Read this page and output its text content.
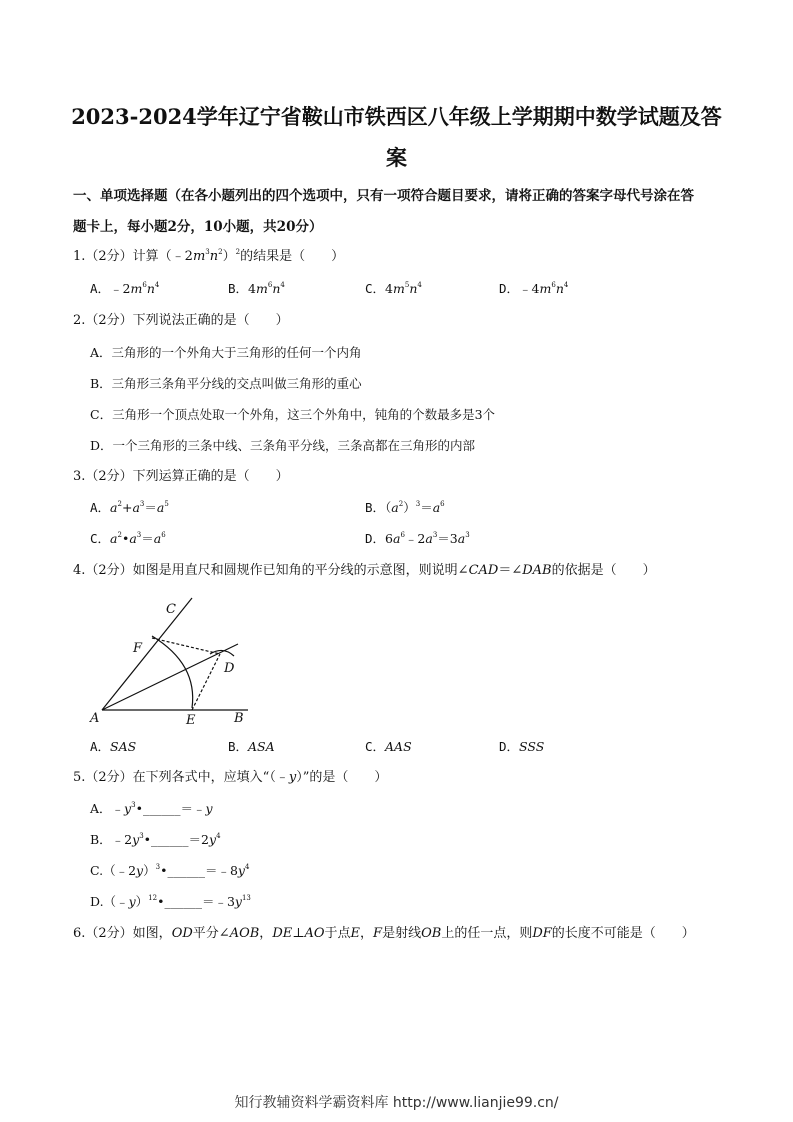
2023-2024学年辽宁省鞍山市铁西区八年级上学期期中数学试题及答
案
一、单项选择题（在各小题列出的四个选项中，只有一项符合题目要求，请将正确的答案字母代号涂在答
题卡上，每小题2分，10小题，共20分）
1.（2分）计算$(﹣2m^3n^2)^2$的结果是（　　）
A．$﹣2m^6n^4$	B．$4m^6n^4$	C．$4m^5n^4$	D．$﹣4m^6n^4$
2.（2分）下列说法正确的是（　　）
A．三角形的一个外角大于三角形的任何一个内角
B．三角形三条角平分线的交点叫做三角形的重心
C．三角形一个顶点处取一个外角，这三个外角中，钝角的个数最多是3个
D．一个三角形的三条中线、三条角平分线，三条高都在三角形的内部
3.（2分）下列运算正确的是（　　）
A．$a^2+a^3=a^5$	B．$(a^2)^3=a^6$
C．$a^2•a^3=a^6$	D．$6a^6﹣2a^3=3a^3$
4.（2分）如图是用直尺和圆规作已知角的平分线的示意图，则说明∠CAD＝∠DAB的依据是（　　）
A	B
C
D
E
F
A．SAS	B．ASA	C．AAS	D．SSS
5.（2分）在下列各式中，应填入“（﹣y）”的是（　　）
A．$﹣y^3•\_\_\_\_\_\_=﹣y$
B．$﹣2y^3•\_\_\_\_\_\_=2y^4$
$C.(﹣2y)^3•\_\_\_\_\_\_=﹣8y^4$
$D.(﹣y)^{12}•\_\_\_\_\_\_=﹣3y^{13}$
6.（2分）如图，OD平分∠AOB，DE⊥AO于点E，F是射线OB上的任一点，则DF的长度不可能是（　　）
知行教辅资料学霸资料库 http://www.lianjie99.cn/
